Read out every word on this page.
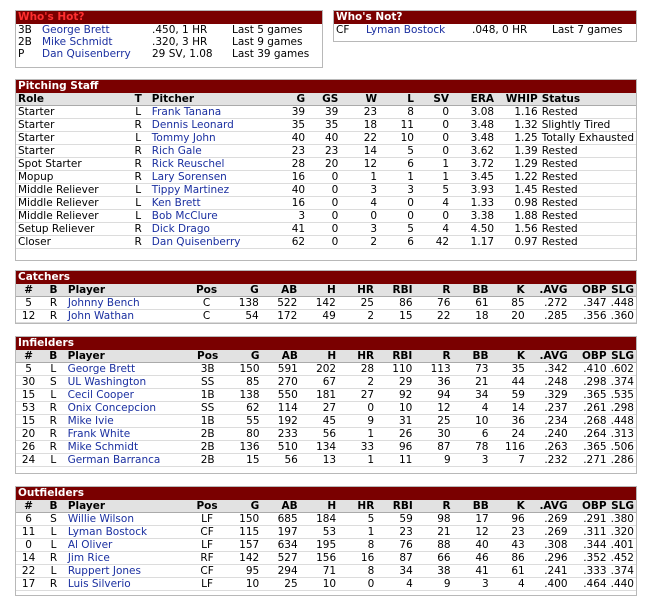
Who's Hot?
3B	George Brett	.450, 1 HR	Last 5 games
2B	Mike Schmidt	.320, 3 HR	Last 9 games
P	Dan Quisenberry	29 SV, 1.08	Last 39 games
Who's Not?
CF	Lyman Bostock	.048, 0 HR	Last 7 games
Pitching Staff
Role	T	Pitcher	G	GS	W	L	SV	ERA	WHIP	Status
Starter	L	Frank Tanana	39	39	23	8	0	3.08	1.16	Rested
Starter	R	Dennis Leonard	35	35	18	11	0	3.48	1.32	Slightly Tired
Starter	L	Tommy John	40	40	22	10	0	3.48	1.25	Totally Exhausted
Starter	R	Rich Gale	23	23	14	5	0	3.62	1.39	Rested
Spot Starter	R	Rick Reuschel	28	20	12	6	1	3.72	1.29	Rested
Mopup	R	Lary Sorensen	16	0	1	1	1	3.45	1.22	Rested
Middle Reliever	L	Tippy Martinez	40	0	3	3	5	3.93	1.45	Rested
Middle Reliever	L	Ken Brett	16	0	4	0	4	1.33	0.98	Rested
Middle Reliever	L	Bob McClure	3	0	0	0	0	3.38	1.88	Rested
Setup Reliever	R	Dick Drago	41	0	3	5	4	4.50	1.56	Rested
Closer	R	Dan Quisenberry	62	0	2	6	42	1.17	0.97	Rested
Catchers
#	B	Player	Pos	G	AB	H	HR	RBI	R	BB	K	.AVG	OBP	SLG
5	R	Johnny Bench	C	138	522	142	25	86	76	61	85	.272	.347	.448
12	R	John Wathan	C	54	172	49	2	15	22	18	20	.285	.356	.360
Infielders
#	B	Player	Pos	G	AB	H	HR	RBI	R	BB	K	.AVG	OBP	SLG
5	L	George Brett	3B	150	591	202	28	110	113	73	35	.342	.410	.602
30	S	UL Washington	SS	85	270	67	2	29	36	21	44	.248	.298	.374
15	L	Cecil Cooper	1B	138	550	181	27	92	94	34	59	.329	.365	.535
53	R	Onix Concepcion	SS	62	114	27	0	10	12	4	14	.237	.261	.298
15	R	Mike Ivie	1B	55	192	45	9	31	25	10	36	.234	.268	.448
20	R	Frank White	2B	80	233	56	1	26	30	6	24	.240	.264	.313
26	R	Mike Schmidt	2B	136	510	134	33	96	87	78	116	.263	.365	.506
24	L	German Barranca	2B	15	56	13	1	11	9	3	7	.232	.271	.286
Outfielders
#	B	Player	Pos	G	AB	H	HR	RBI	R	BB	K	.AVG	OBP	SLG
6	S	Willie Wilson	LF	150	685	184	5	59	98	17	96	.269	.291	.380
11	L	Lyman Bostock	CF	115	197	53	1	23	21	12	23	.269	.311	.320
0	L	Al Oliver	LF	157	634	195	8	76	88	40	43	.308	.344	.401
14	R	Jim Rice	RF	142	527	156	16	87	66	46	86	.296	.352	.452
22	L	Ruppert Jones	CF	95	294	71	8	34	38	41	61	.241	.333	.374
17	R	Luis Silverio	LF	10	25	10	0	4	9	3	4	.400	.464	.440
